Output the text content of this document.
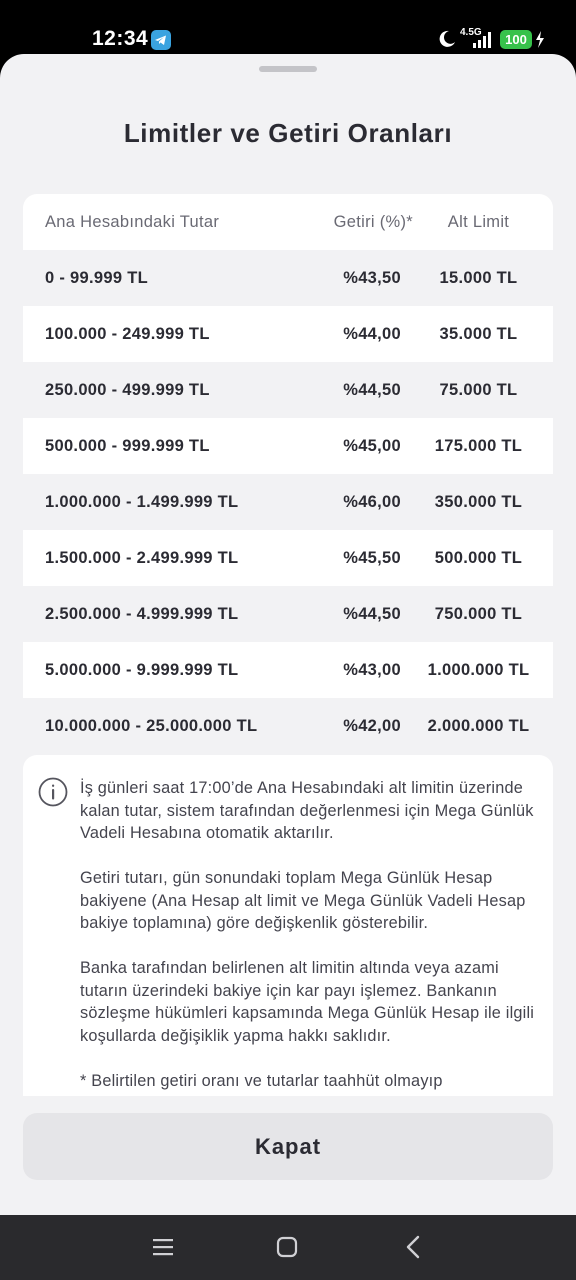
12:34	4.5G	100
Limitler ve Getiri Oranları
Ana Hesabındaki Tutar	Getiri (%)*	Alt Limit
0 - 99.999 TL	%43,50	15.000 TL
100.000 - 249.999 TL	%44,00	35.000 TL
250.000 - 499.999 TL	%44,50	75.000 TL
500.000 - 999.999 TL	%45,00	175.000 TL
1.000.000 - 1.499.999 TL	%46,00	350.000 TL
1.500.000 - 2.499.999 TL	%45,50	500.000 TL
2.500.000 - 4.999.999 TL	%44,50	750.000 TL
5.000.000 - 9.999.999 TL	%43,00	1.000.000 TL
10.000.000 - 25.000.000 TL	%42,00	2.000.000 TL

İş günleri saat 17:00’de Ana Hesabındaki alt limitin üzerinde kalan tutar, sistem tarafından değerlenmesi için Mega Günlük Vadeli Hesabına otomatik aktarılır.

Getiri tutarı, gün sonundaki toplam Mega Günlük Hesap bakiyene (Ana Hesap alt limit ve Mega Günlük Vadeli Hesap bakiye toplamına) göre değişkenlik gösterebilir.

Banka tarafından belirlenen alt limitin altında veya azami tutarın üzerindeki bakiye için kar payı işlemez. Bankanın sözleşme hükümleri kapsamında Mega Günlük Hesap ile ilgili koşullarda değişiklik yapma hakkı saklıdır.

* Belirtilen getiri oranı ve tutarlar taahhüt olmayıp

Kapat
